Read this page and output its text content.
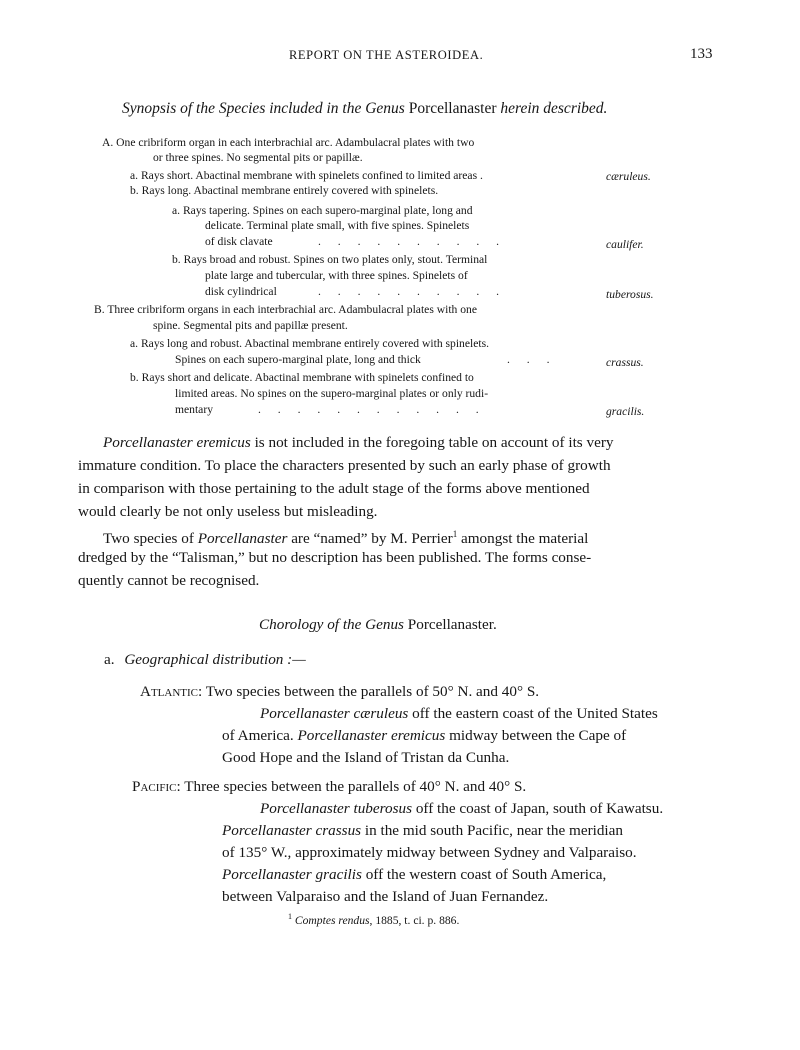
REPORT ON THE ASTEROIDEA.	133
Synopsis of the Species included in the Genus Porcellanaster herein described.
A. One cribriform organ in each interbrachial arc. Adambulacral plates with two
or three spines. No segmental pits or papillæ.
a. Rays short. Abactinal membrane with spinelets confined to limited areas .	cæruleus.
b. Rays long. Abactinal membrane entirely covered with spinelets.
a. Rays tapering. Spines on each supero-marginal plate, long and
delicate. Terminal plate small, with five spines. Spinelets
of disk clavate	. . . . . . . . . .	caulifer.
b. Rays broad and robust. Spines on two plates only, stout. Terminal
plate large and tubercular, with three spines. Spinelets of
disk cylindrical	. . . . . . . . . .	tuberosus.
B. Three cribriform organs in each interbrachial arc. Adambulacral plates with one
spine. Segmental pits and papillæ present.
a. Rays long and robust. Abactinal membrane entirely covered with spinelets.
Spines on each supero-marginal plate, long and thick	. . .	crassus.
b. Rays short and delicate. Abactinal membrane with spinelets confined to
limited areas. No spines on the supero-marginal plates or only rudi-
mentary	. . . . . . . . . . . .	gracilis.
Porcellanaster eremicus is not included in the foregoing table on account of its very
immature condition. To place the characters presented by such an early phase of growth
in comparison with those pertaining to the adult stage of the forms above mentioned
would clearly be not only useless but misleading.
Two species of Porcellanaster are “named” by M. Perrier$^1$ amongst the material
dredged by the “Talisman,” but no description has been published. The forms conse-
quently cannot be recognised.
Chorology of the Genus Porcellanaster.
a. Geographical distribution :—
Atlantic: Two species between the parallels of 50° N. and 40° S.
Porcellanaster cæruleus off the eastern coast of the United States
of America. Porcellanaster eremicus midway between the Cape of
Good Hope and the Island of Tristan da Cunha.
Pacific: Three species between the parallels of 40° N. and 40° S.
Porcellanaster tuberosus off the coast of Japan, south of Kawatsu.
Porcellanaster crassus in the mid south Pacific, near the meridian
of 135° W., approximately midway between Sydney and Valparaiso.
Porcellanaster gracilis off the western coast of South America,
between Valparaiso and the Island of Juan Fernandez.
$^1$ Comptes rendus, 1885, t. ci. p. 886.
